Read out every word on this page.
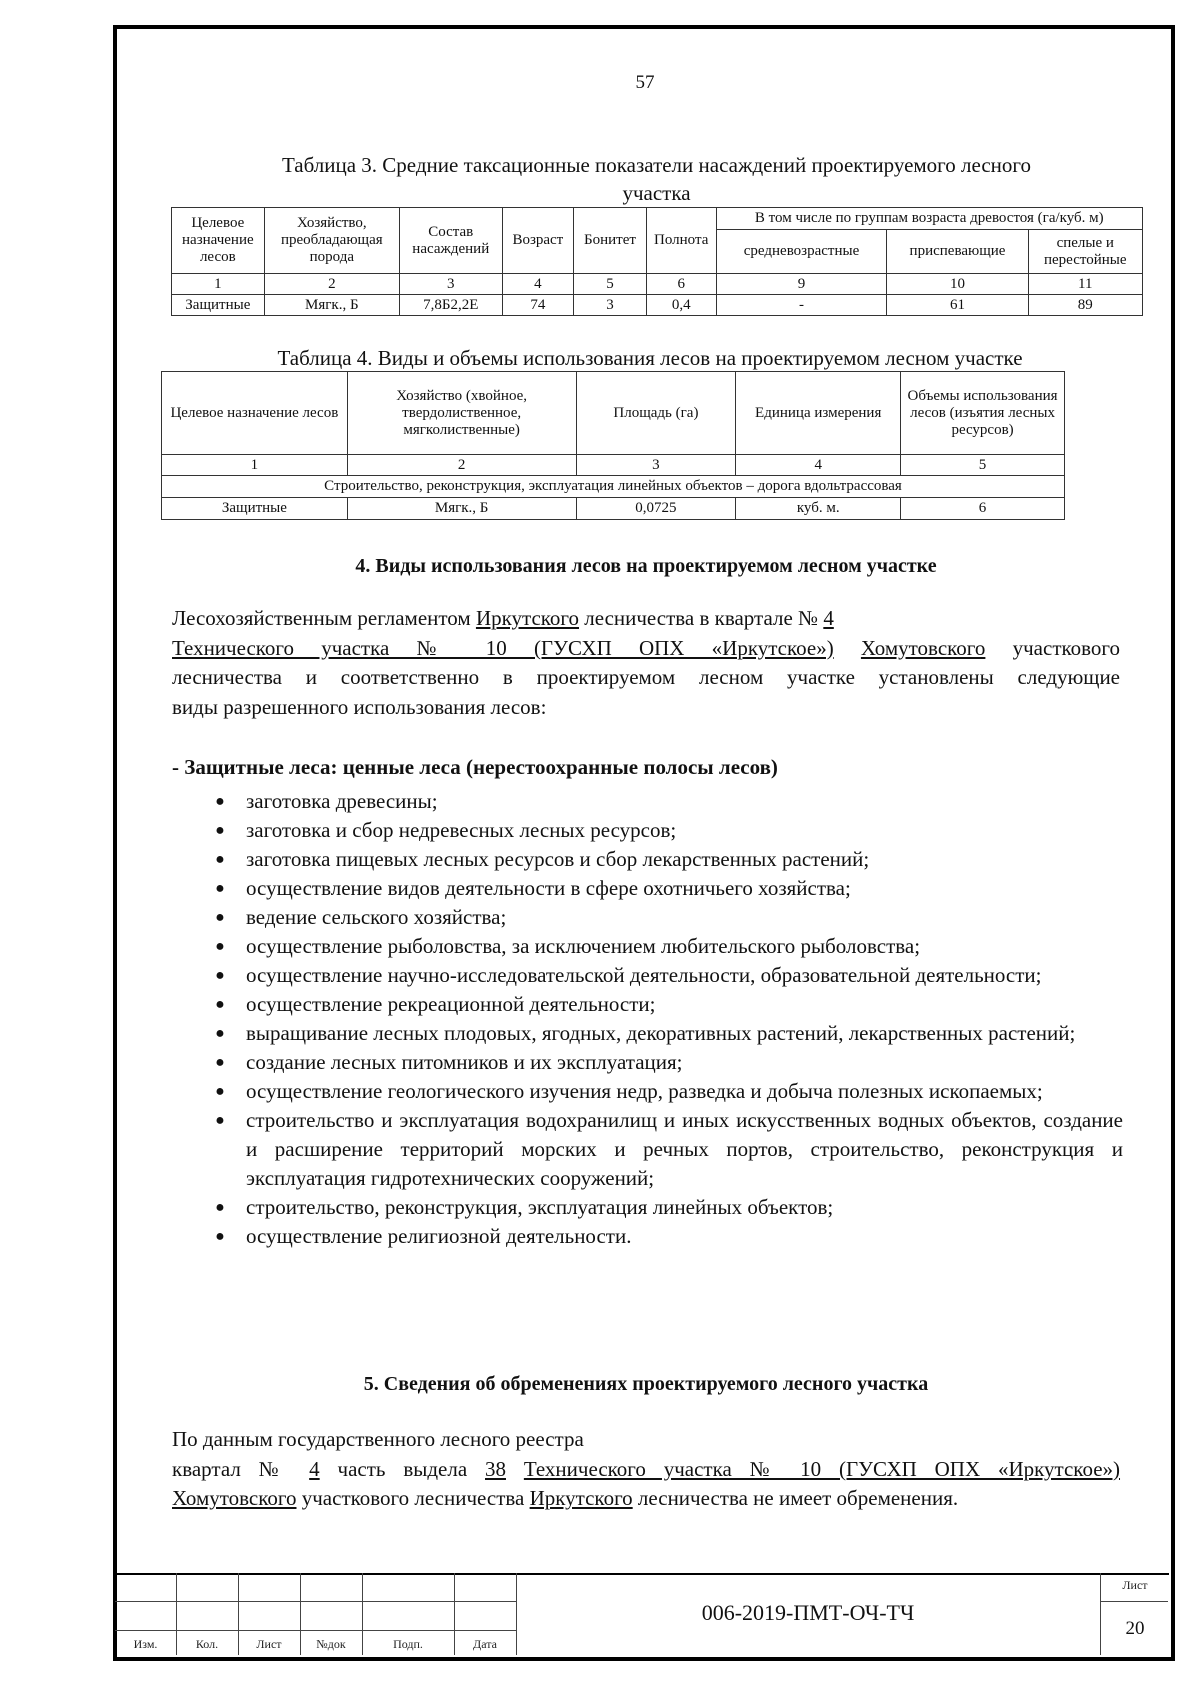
57
Таблица 3. Средние таксационные показатели насаждений проектируемого лесного
участка
Целевое назначение лесов	Хозяйство, преобладающая порода	Состав насаждений	Возраст	Бонитет	Полнота	В том числе по группам возраста древостоя (га/куб. м)		
						средневозрастные	приспевающие	спелые и перестойные
1	2	3	4	5	6	9	10	11
Защитные	Мягк., Б	7,8Б2,2Е	74	3	0,4	-	61	89
Таблица 4. Виды и объемы использования лесов на проектируемом лесном участке
Целевое назначение лесов	Хозяйство (хвойное, твердолиственное, мягколиственные)	Площадь (га)	Единица измерения	Объемы использования лесов (изъятия лесных ресурсов)
1	2	3	4	5
Строительство, реконструкция, эксплуатация линейных объектов – дорога вдольтрассовая				
Защитные	Мягк., Б	0,0725	куб. м.	6
4. Виды использования лесов на проектируемом лесном участке
Лесохозяйственным регламентом Иркутского лесничества в квартале № 4
Технического участка № 10 (ГУСХП ОПХ «Иркутское») Хомутовского участкового
лесничества и соответственно в проектируемом лесном участке установлены следующие
виды разрешенного использования лесов:
- Защитные леса: ценные леса (нерестоохранные полосы лесов)
● заготовка древесины;
● заготовка и сбор недревесных лесных ресурсов;
● заготовка пищевых лесных ресурсов и сбор лекарственных растений;
● осуществление видов деятельности в сфере охотничьего хозяйства;
● ведение сельского хозяйства;
● осуществление рыболовства, за исключением любительского рыболовства;
● осуществление научно-исследовательской деятельности, образовательной деятельности;
● осуществление рекреационной деятельности;
● выращивание лесных плодовых, ягодных, декоративных растений, лекарственных растений;
● создание лесных питомников и их эксплуатация;
● осуществление геологического изучения недр, разведка и добыча полезных ископаемых;
● строительство и эксплуатация водохранилищ и иных искусственных водных объектов, создание и расширение территорий морских и речных портов, строительство, реконструкция и эксплуатация гидротехнических сооружений;
● строительство, реконструкция, эксплуатация линейных объектов;
● осуществление религиозной деятельности.
5. Сведения об обременениях проектируемого лесного участка
По данным государственного лесного реестра
квартал № 4 часть выдела 38 Технического участка № 10 (ГУСХП ОПХ «Иркутское»)
Хомутовского участкового лесничества Иркутского лесничества не имеет обременения.
Изм.	Кол.	Лист	№док	Подп.	Дата
006-2019-ПМТ-ОЧ-ТЧ
Лист
20
